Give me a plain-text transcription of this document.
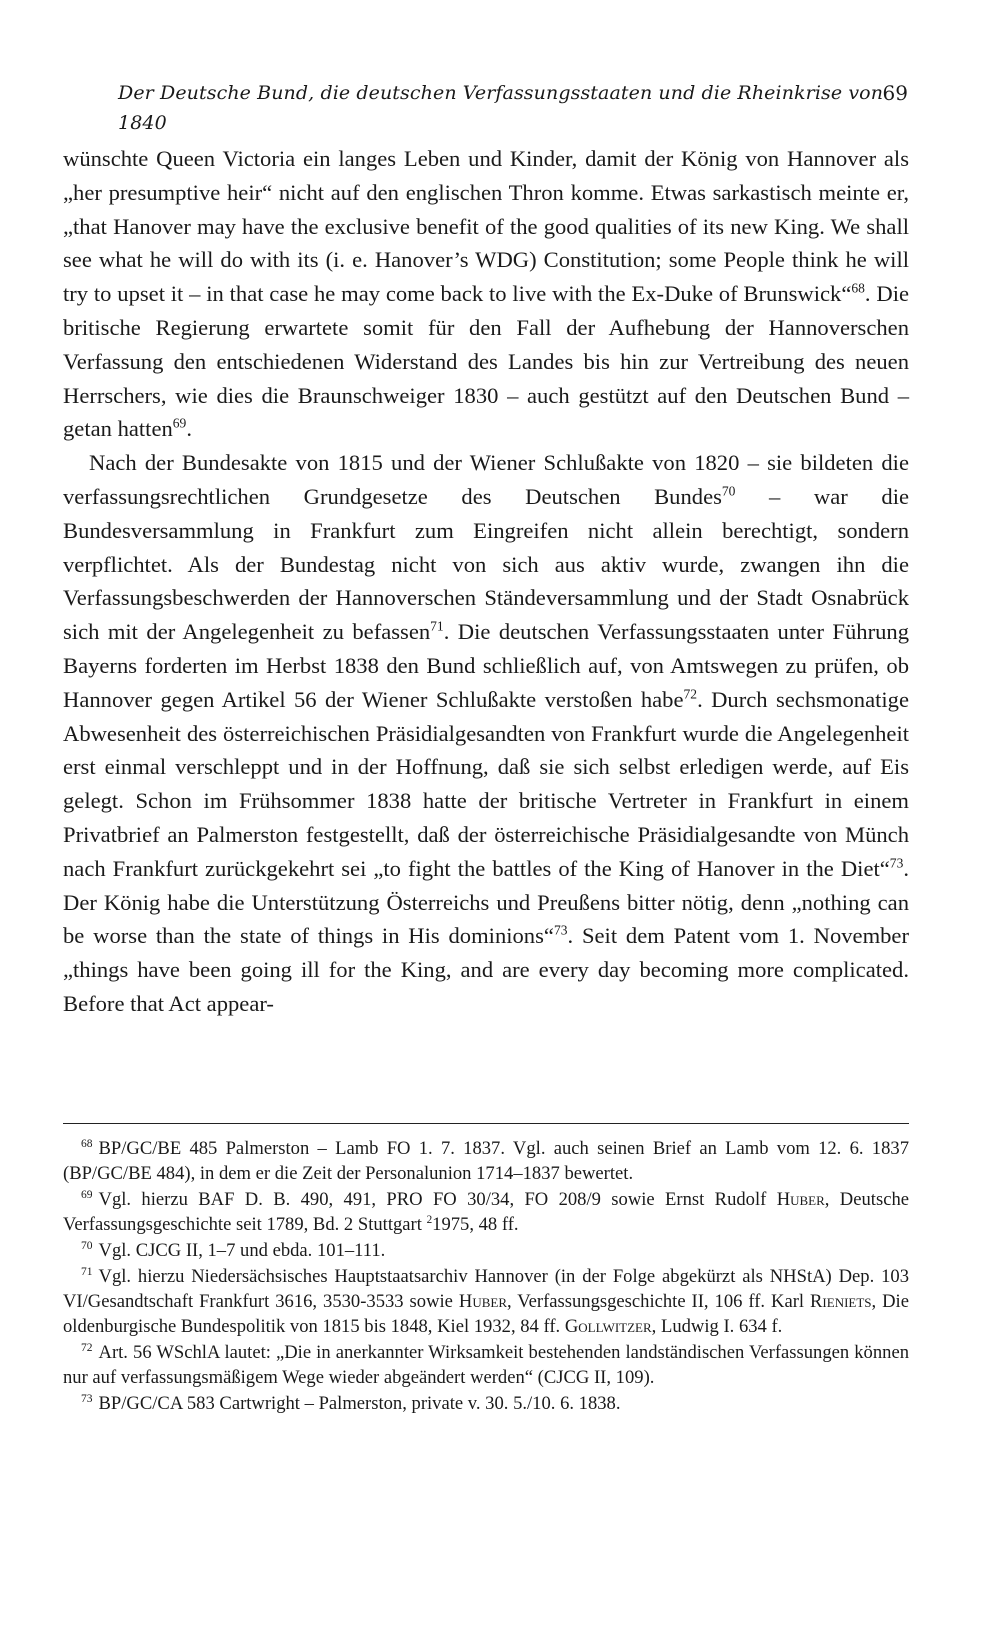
Der Deutsche Bund, die deutschen Verfassungsstaaten und die Rheinkrise von 1840
69

wünschte Queen Victoria ein langes Leben und Kinder, damit der König von Hannover als „her presumptive heir“ nicht auf den englischen Thron komme. Etwas sarkastisch meinte er, „that Hanover may have the exclusive benefit of the good qualities of its new King. We shall see what he will do with its (i. e. Hanover’s WDG) Constitution; some People think he will try to upset it – in that case he may come back to live with the Ex-Duke of Brunswick“$^{68}$. Die britische Regierung erwartete somit für den Fall der Aufhebung der Hannoverschen Verfassung den entschiedenen Widerstand des Landes bis hin zur Vertreibung des neuen Herrschers, wie dies die Braunschweiger 1830 – auch gestützt auf den Deutschen Bund – getan hatten$^{69}$.

Nach der Bundesakte von 1815 und der Wiener Schlußakte von 1820 – sie bildeten die verfassungsrechtlichen Grundgesetze des Deutschen Bundes$^{70}$ – war die Bundesversammlung in Frankfurt zum Eingreifen nicht allein berechtigt, sondern verpflichtet. Als der Bundestag nicht von sich aus aktiv wurde, zwangen ihn die Verfassungsbeschwerden der Hannoverschen Ständeversammlung und der Stadt Osnabrück sich mit der Angelegenheit zu befassen$^{71}$. Die deutschen Verfassungsstaaten unter Führung Bayerns forderten im Herbst 1838 den Bund schließlich auf, von Amtswegen zu prüfen, ob Hannover gegen Artikel 56 der Wiener Schlußakte verstoßen habe$^{72}$. Durch sechsmonatige Abwesenheit des österreichischen Präsidialgesandten von Frankfurt wurde die Angelegenheit erst einmal verschleppt und in der Hoffnung, daß sie sich selbst erledigen werde, auf Eis gelegt. Schon im Frühsommer 1838 hatte der britische Vertreter in Frankfurt in einem Privatbrief an Palmerston festgestellt, daß der österreichische Präsidialgesandte von Münch nach Frankfurt zurückgekehrt sei „to fight the battles of the King of Hanover in the Diet“$^{73}$. Der König habe die Unterstützung Österreichs und Preußens bitter nötig, denn „nothing can be worse than the state of things in His dominions“$^{73}$. Seit dem Patent vom 1. November „things have been going ill for the King, and are every day becoming more complicated. Before that Act appear-

$^{68}$ BP/GC/BE 485 Palmerston – Lamb FO 1. 7. 1837. Vgl. auch seinen Brief an Lamb vom 12. 6. 1837 (BP/GC/BE 484), in dem er die Zeit der Personalunion 1714–1837 bewertet.

$^{69}$ Vgl. hierzu BAF D. B. 490, 491, PRO FO 30/34, FO 208/9 sowie Ernst Rudolf Huber, Deutsche Verfassungsgeschichte seit 1789, Bd. 2 Stuttgart $^2$1975, 48 ff.

$^{70}$ Vgl. CJCG II, 1–7 und ebda. 101–111.

$^{71}$ Vgl. hierzu Niedersächsisches Hauptstaatsarchiv Hannover (in der Folge abgekürzt als NHStA) Dep. 103 VI/Gesandtschaft Frankfurt 3616, 3530-3533 sowie Huber, Verfassungsgeschichte II, 106 ff. Karl Rieniets, Die oldenburgische Bundespolitik von 1815 bis 1848, Kiel 1932, 84 ff. Gollwitzer, Ludwig I. 634 f.

$^{72}$ Art. 56 WSchlA lautet: „Die in anerkannter Wirksamkeit bestehenden landständischen Verfassungen können nur auf verfassungsmäßigem Wege wieder abgeändert werden“ (CJCG II, 109).

$^{73}$ BP/GC/CA 583 Cartwright – Palmerston, private v. 30. 5./10. 6. 1838.
